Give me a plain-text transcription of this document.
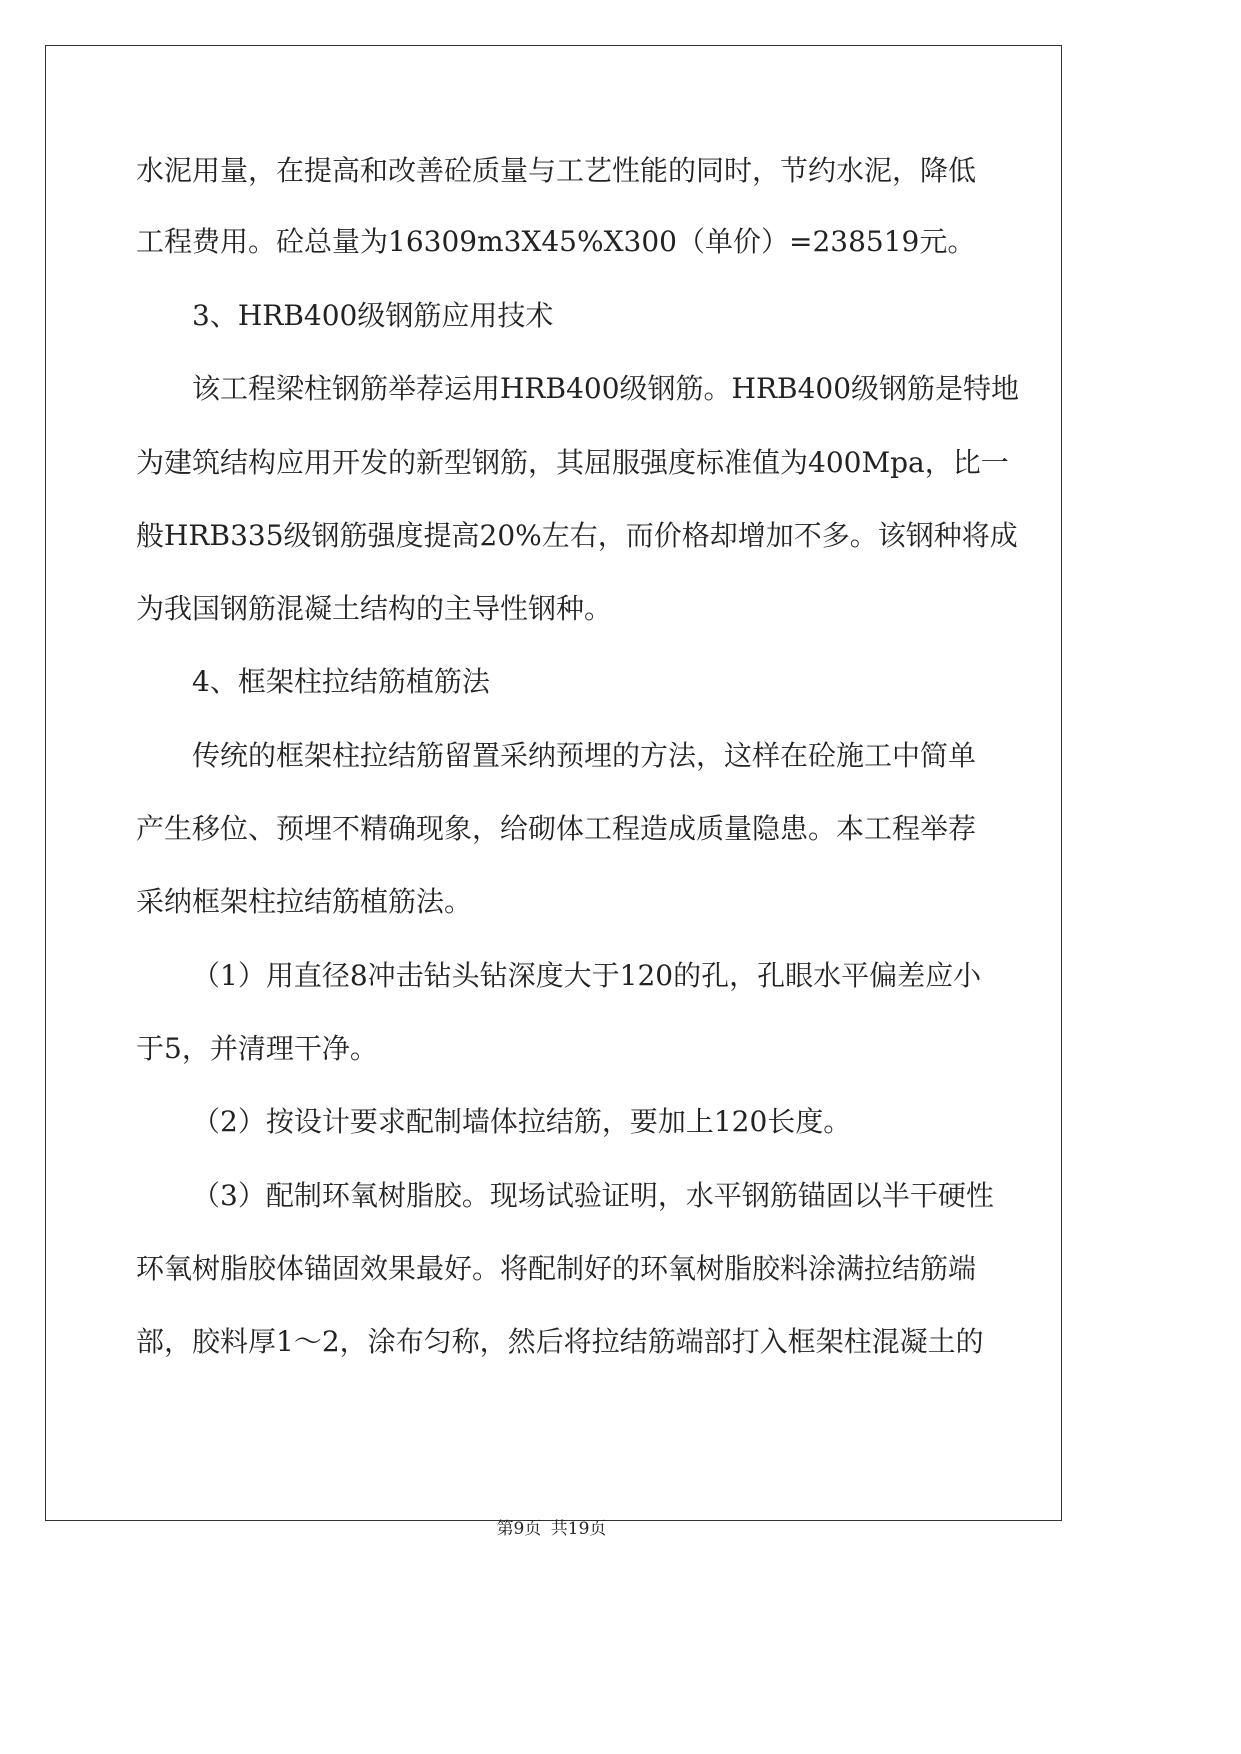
水泥用量，在提高和改善砼质量与工艺性能的同时，节约水泥，降低

工程费用。砼总量为16309m3X45%X300（单价）=238519元。

3、HRB400级钢筋应用技术

该工程梁柱钢筋举荐运用HRB400级钢筋。HRB400级钢筋是特地

为建筑结构应用开发的新型钢筋，其屈服强度标准值为400Mpa，比一

般HRB335级钢筋强度提高20%左右，而价格却增加不多。该钢种将成

为我国钢筋混凝土结构的主导性钢种。

4、框架柱拉结筋植筋法

传统的框架柱拉结筋留置采纳预埋的方法，这样在砼施工中简单

产生移位、预埋不精确现象，给砌体工程造成质量隐患。本工程举荐

采纳框架柱拉结筋植筋法。

（1）用直径8冲击钻头钻深度大于120的孔，孔眼水平偏差应小

于5，并清理干净。

（2）按设计要求配制墙体拉结筋，要加上120长度。

（3）配制环氧树脂胶。现场试验证明，水平钢筋锚固以半干硬性

环氧树脂胶体锚固效果最好。将配制好的环氧树脂胶料涂满拉结筋端

部，胶料厚1～2，涂布匀称，然后将拉结筋端部打入框架柱混凝土的

第9页 共19页
